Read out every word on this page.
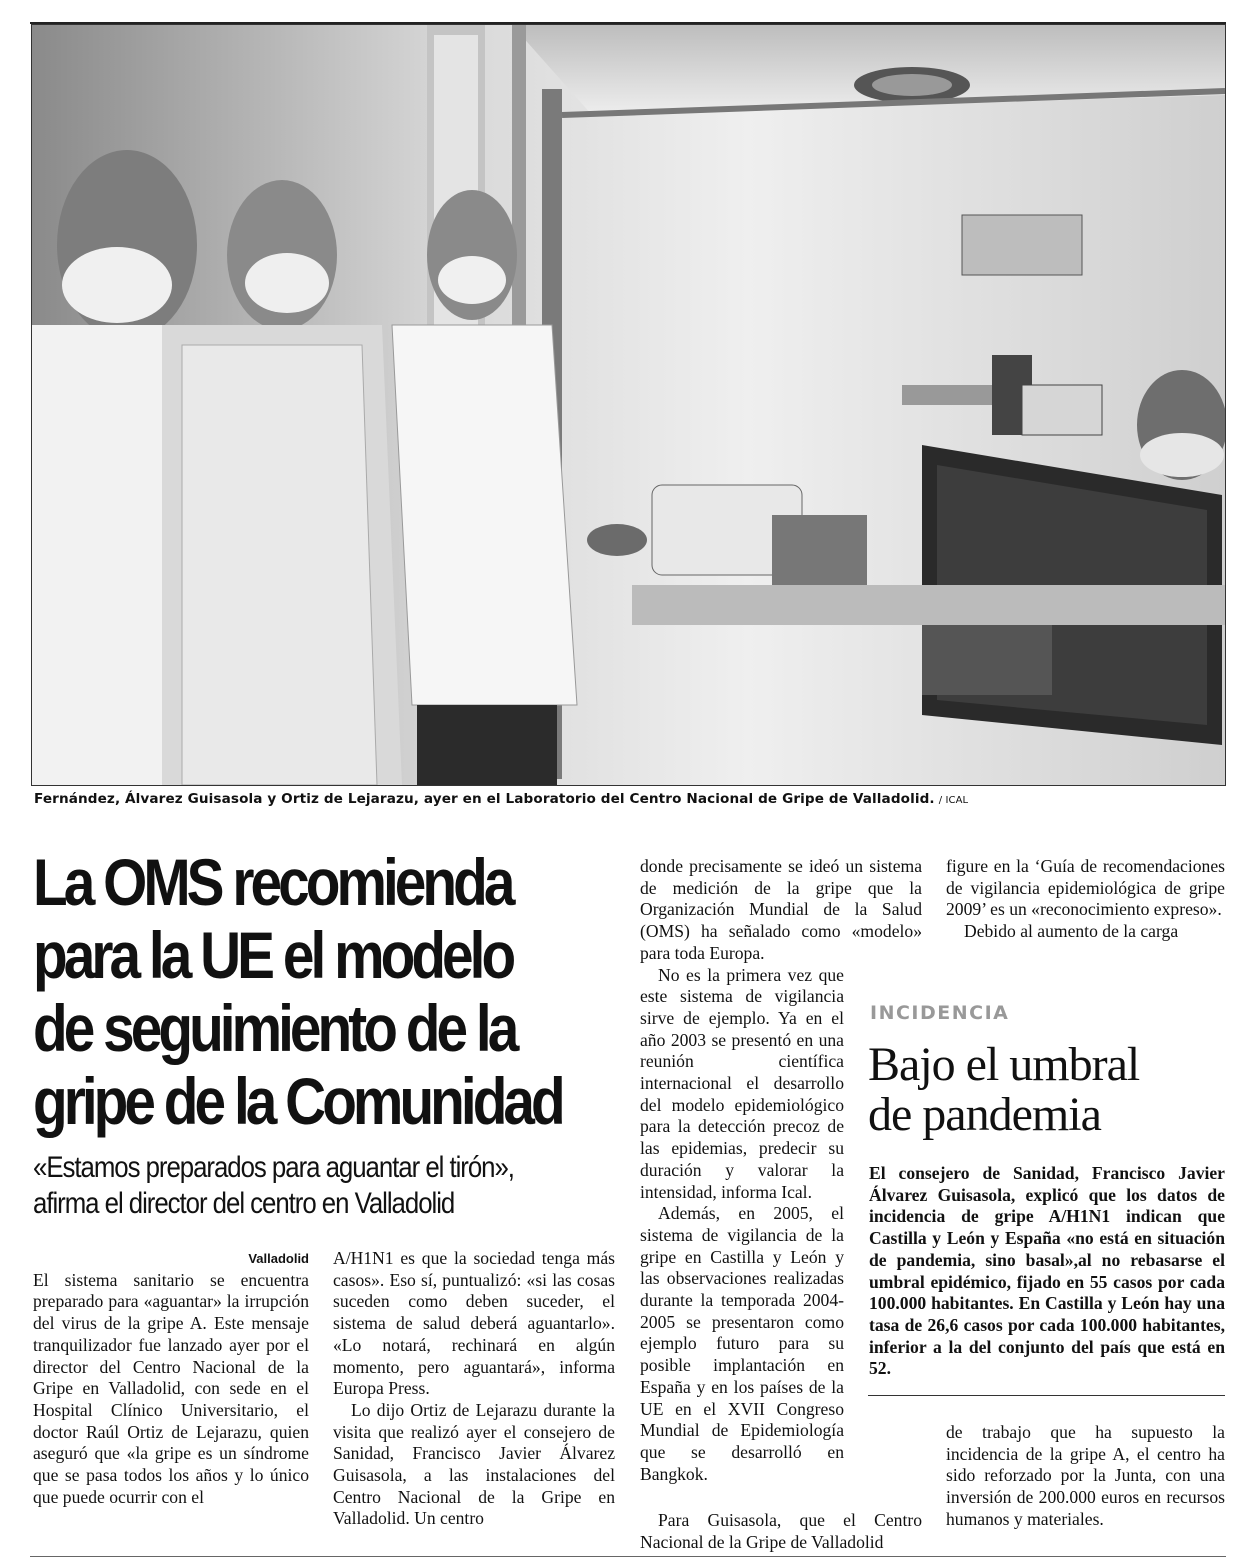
Fernández, Álvarez Guisasola y Ortiz de Lejarazu, ayer en el Laboratorio del Centro Nacional de Gripe de Valladolid. / ICAL
La OMS recomienda
para la UE el modelo
de seguimiento de la
gripe de la Comunidad
«Estamos preparados para aguantar el tirón»,
afirma el director del centro en Valladolid
Valladolid

El sistema sanitario se encuentra preparado para «aguantar» la irrupción del virus de la gripe A. Este mensaje tranquilizador fue lanzado ayer por el director del Centro Nacional de la Gripe en Valladolid, con sede en el Hospital Clínico Universitario, el doctor Raúl Ortiz de Lejarazu, quien aseguró que «la gripe es un síndrome que se pasa todos los años y lo único que puede ocurrir con el

A/H1N1 es que la sociedad tenga más casos». Eso sí, puntualizó: «si las cosas suceden como deben suceder, el sistema de salud deberá aguantarlo». «Lo notará, rechinará en algún momento, pero aguantará», informa Europa Press.

Lo dijo Ortiz de Lejarazu durante la visita que realizó ayer el consejero de Sanidad, Francisco Javier Álvarez Guisasola, a las instalaciones del Centro Nacional de la Gripe en Valladolid. Un centro

donde precisamente se ideó un sistema de medición de la gripe que la Organización Mundial de la Salud (OMS) ha señalado como «modelo» para toda Europa.

No es la primera vez que este sistema de vigilancia sirve de ejemplo. Ya en el año 2003 se presentó en una reunión científica internacional el desarrollo del modelo epidemiológico para la detección precoz de las epidemias, predecir su duración y valorar la intensidad, informa Ical.

Además, en 2005, el sistema de vigilancia de la gripe en Castilla y León y las observaciones realizadas durante la temporada 2004-2005 se presentaron como ejemplo futuro para su posible implantación en España y en los países de la UE en el XVII Congreso Mundial de Epidemiología que se desarrolló en Bangkok.

Para Guisasola, que el Centro Nacional de la Gripe de Valladolid

figure en la ‘Guía de recomendaciones de vigilancia epidemiológica de gripe 2009’ es un «reconocimiento expreso».

Debido al aumento de la carga

INCIDENCIA
Bajo el umbral
de pandemia
El consejero de Sanidad, Francisco Javier Álvarez Guisasola, explicó que los datos de incidencia de gripe A/H1N1 indican que Castilla y León y España «no está en situación de pandemia, sino basal»,al no rebasarse el umbral epidémico, fijado en 55 casos por cada 100.000 habitantes. En Castilla y León hay una tasa de 26,6 casos por cada 100.000 habitantes, inferior a la del conjunto del país que está en 52.

de trabajo que ha supuesto la incidencia de la gripe A, el centro ha sido reforzado por la Junta, con una inversión de 200.000 euros en recursos humanos y materiales.
